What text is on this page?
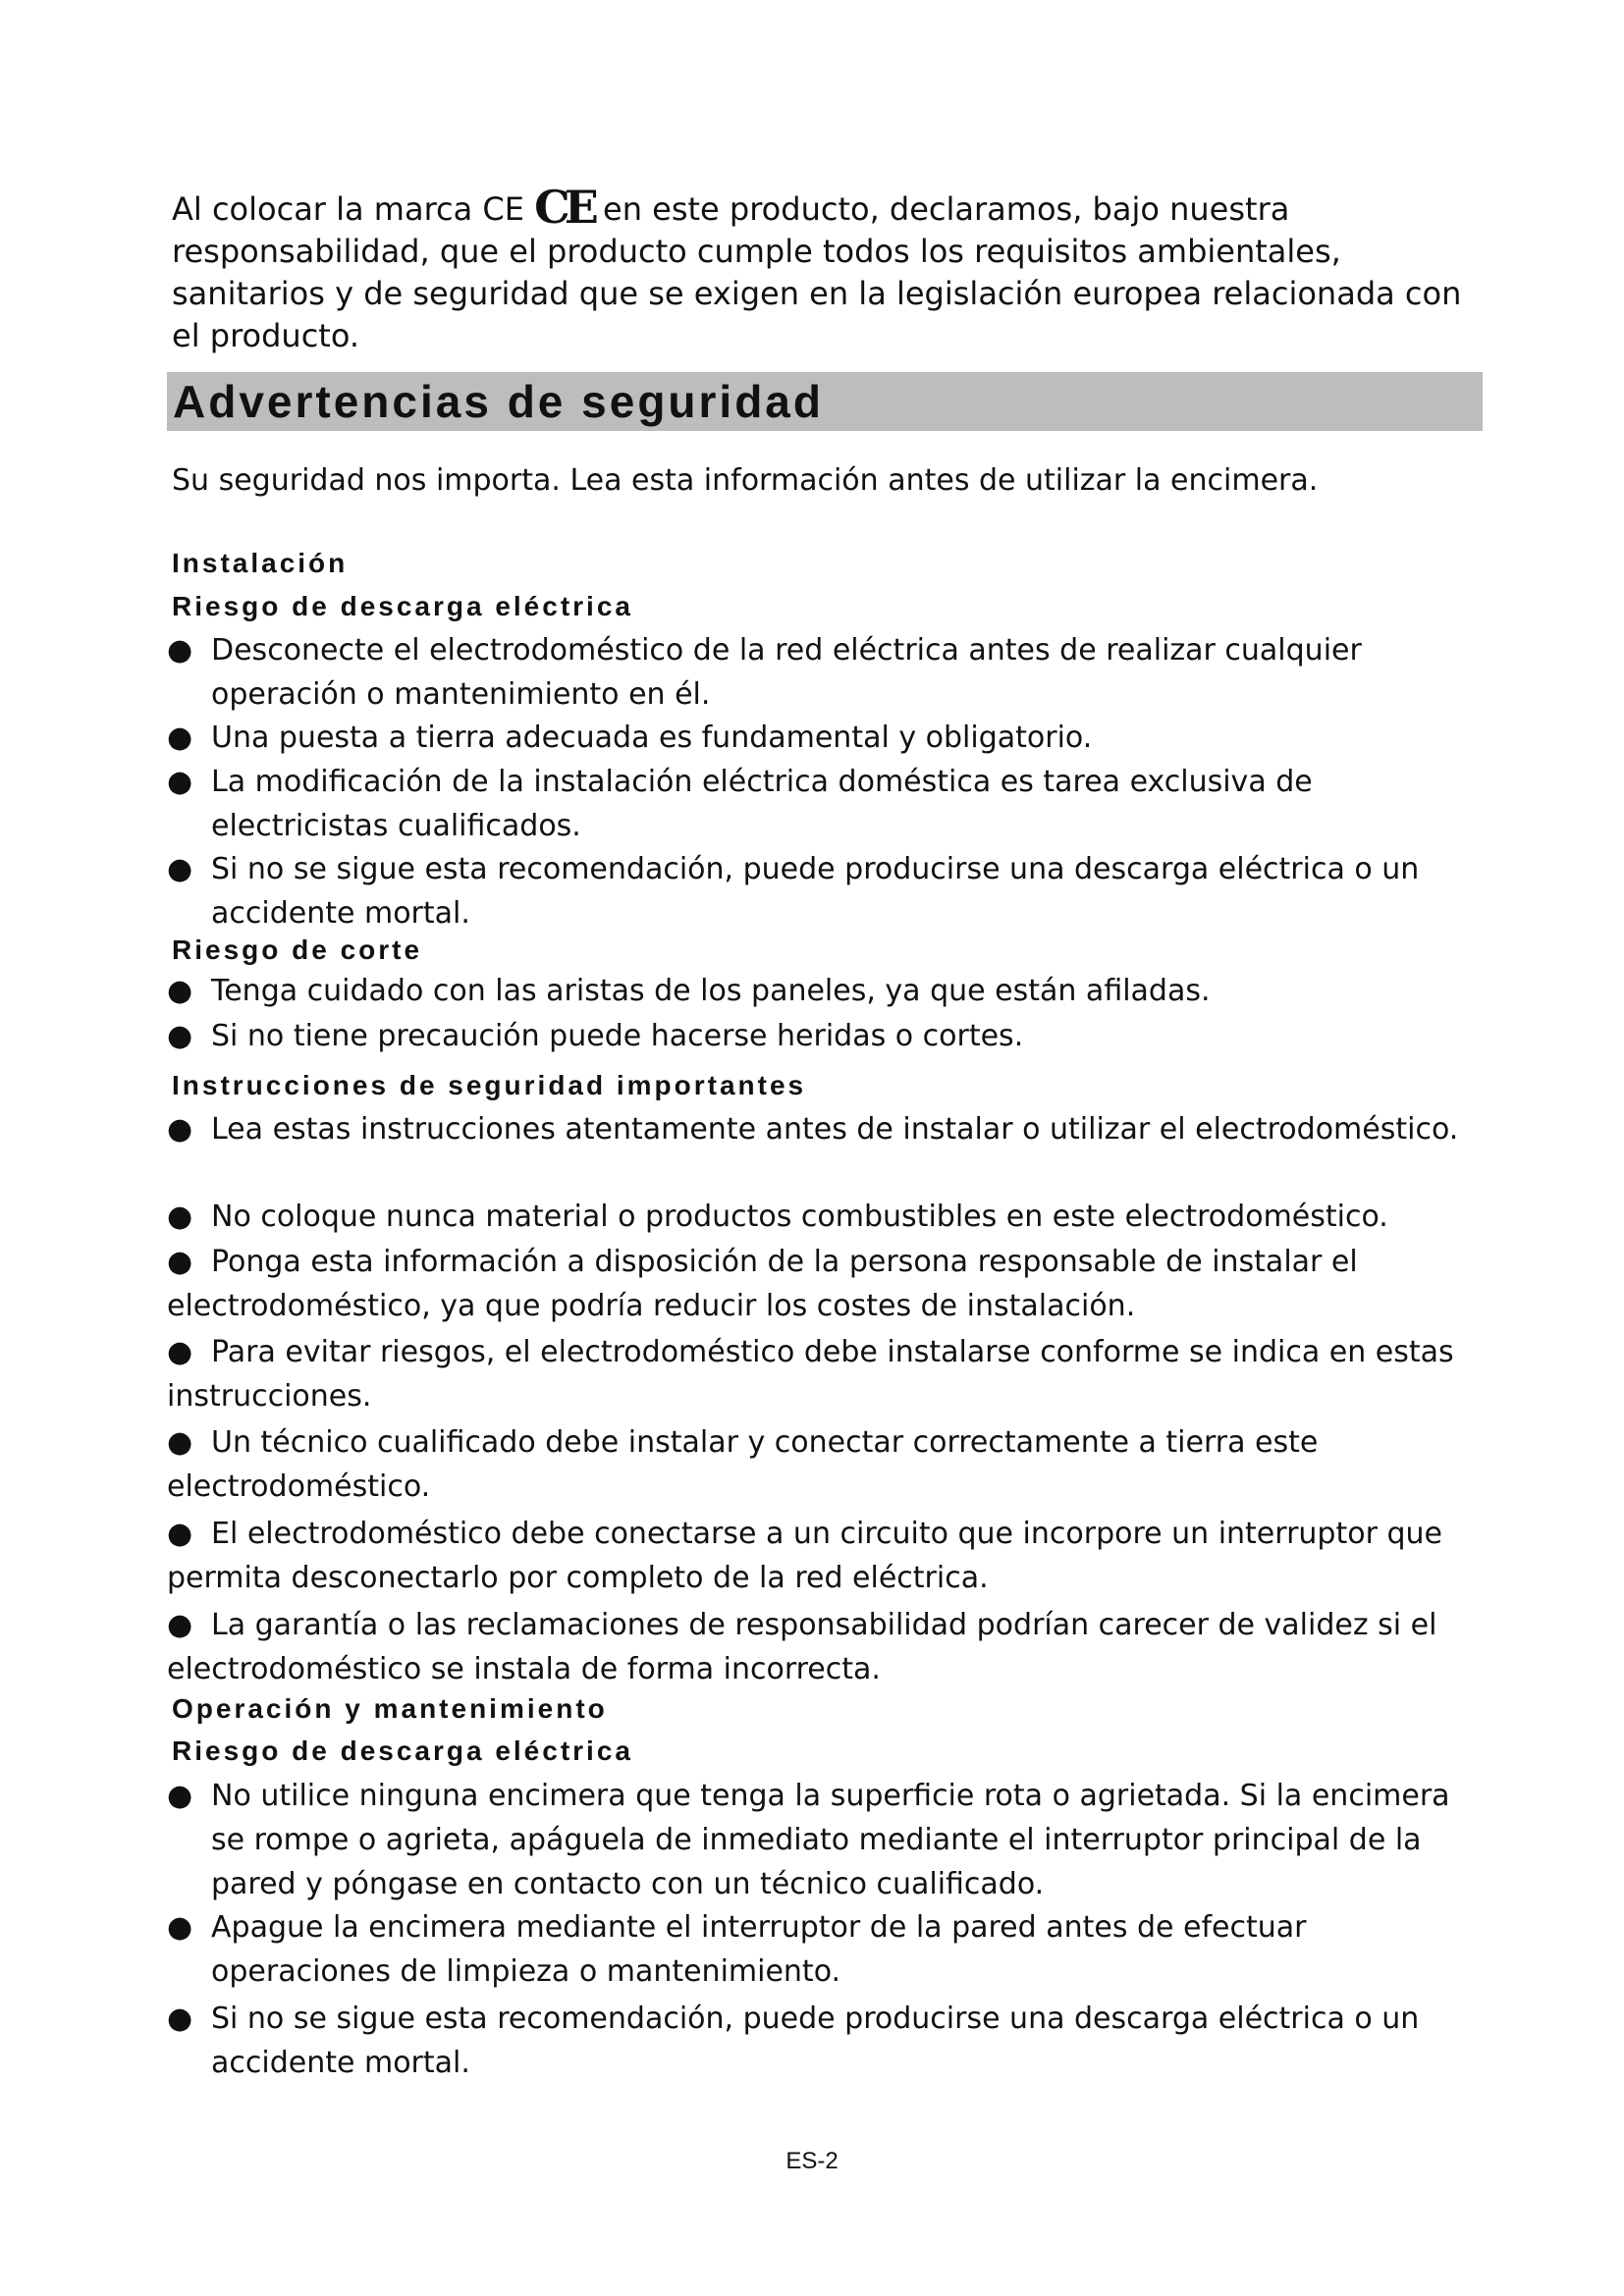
Al colocar la marca CE CE en este producto, declaramos, bajo nuestra responsabilidad, que el producto cumple todos los requisitos ambientales, sanitarios y de seguridad que se exigen en la legislación europea relacionada con el producto.

Advertencias de seguridad

Su seguridad nos importa. Lea esta información antes de utilizar la encimera.

Instalación
Riesgo de descarga eléctrica
● Desconecte el electrodoméstico de la red eléctrica antes de realizar cualquier operación o mantenimiento en él.
● Una puesta a tierra adecuada es fundamental y obligatorio.
● La modificación de la instalación eléctrica doméstica es tarea exclusiva de electricistas cualificados.
● Si no se sigue esta recomendación, puede producirse una descarga eléctrica o un accidente mortal.
Riesgo de corte
● Tenga cuidado con las aristas de los paneles, ya que están afiladas.
● Si no tiene precaución puede hacerse heridas o cortes.
Instrucciones de seguridad importantes
● Lea estas instrucciones atentamente antes de instalar o utilizar el electrodoméstico.
● No coloque nunca material o productos combustibles en este electrodoméstico.
● Ponga esta información a disposición de la persona responsable de instalar el electrodoméstico, ya que podría reducir los costes de instalación.
● Para evitar riesgos, el electrodoméstico debe instalarse conforme se indica en estas instrucciones.
● Un técnico cualificado debe instalar y conectar correctamente a tierra este electrodoméstico.
● El electrodoméstico debe conectarse a un circuito que incorpore un interruptor que permita desconectarlo por completo de la red eléctrica.
● La garantía o las reclamaciones de responsabilidad podrían carecer de validez si el electrodoméstico se instala de forma incorrecta.
Operación y mantenimiento
Riesgo de descarga eléctrica
● No utilice ninguna encimera que tenga la superficie rota o agrietada. Si la encimera se rompe o agrieta, apáguela de inmediato mediante el interruptor principal de la pared y póngase en contacto con un técnico cualificado.
● Apague la encimera mediante el interruptor de la pared antes de efectuar operaciones de limpieza o mantenimiento.
● Si no se sigue esta recomendación, puede producirse una descarga eléctrica o un accidente mortal.

ES-2
